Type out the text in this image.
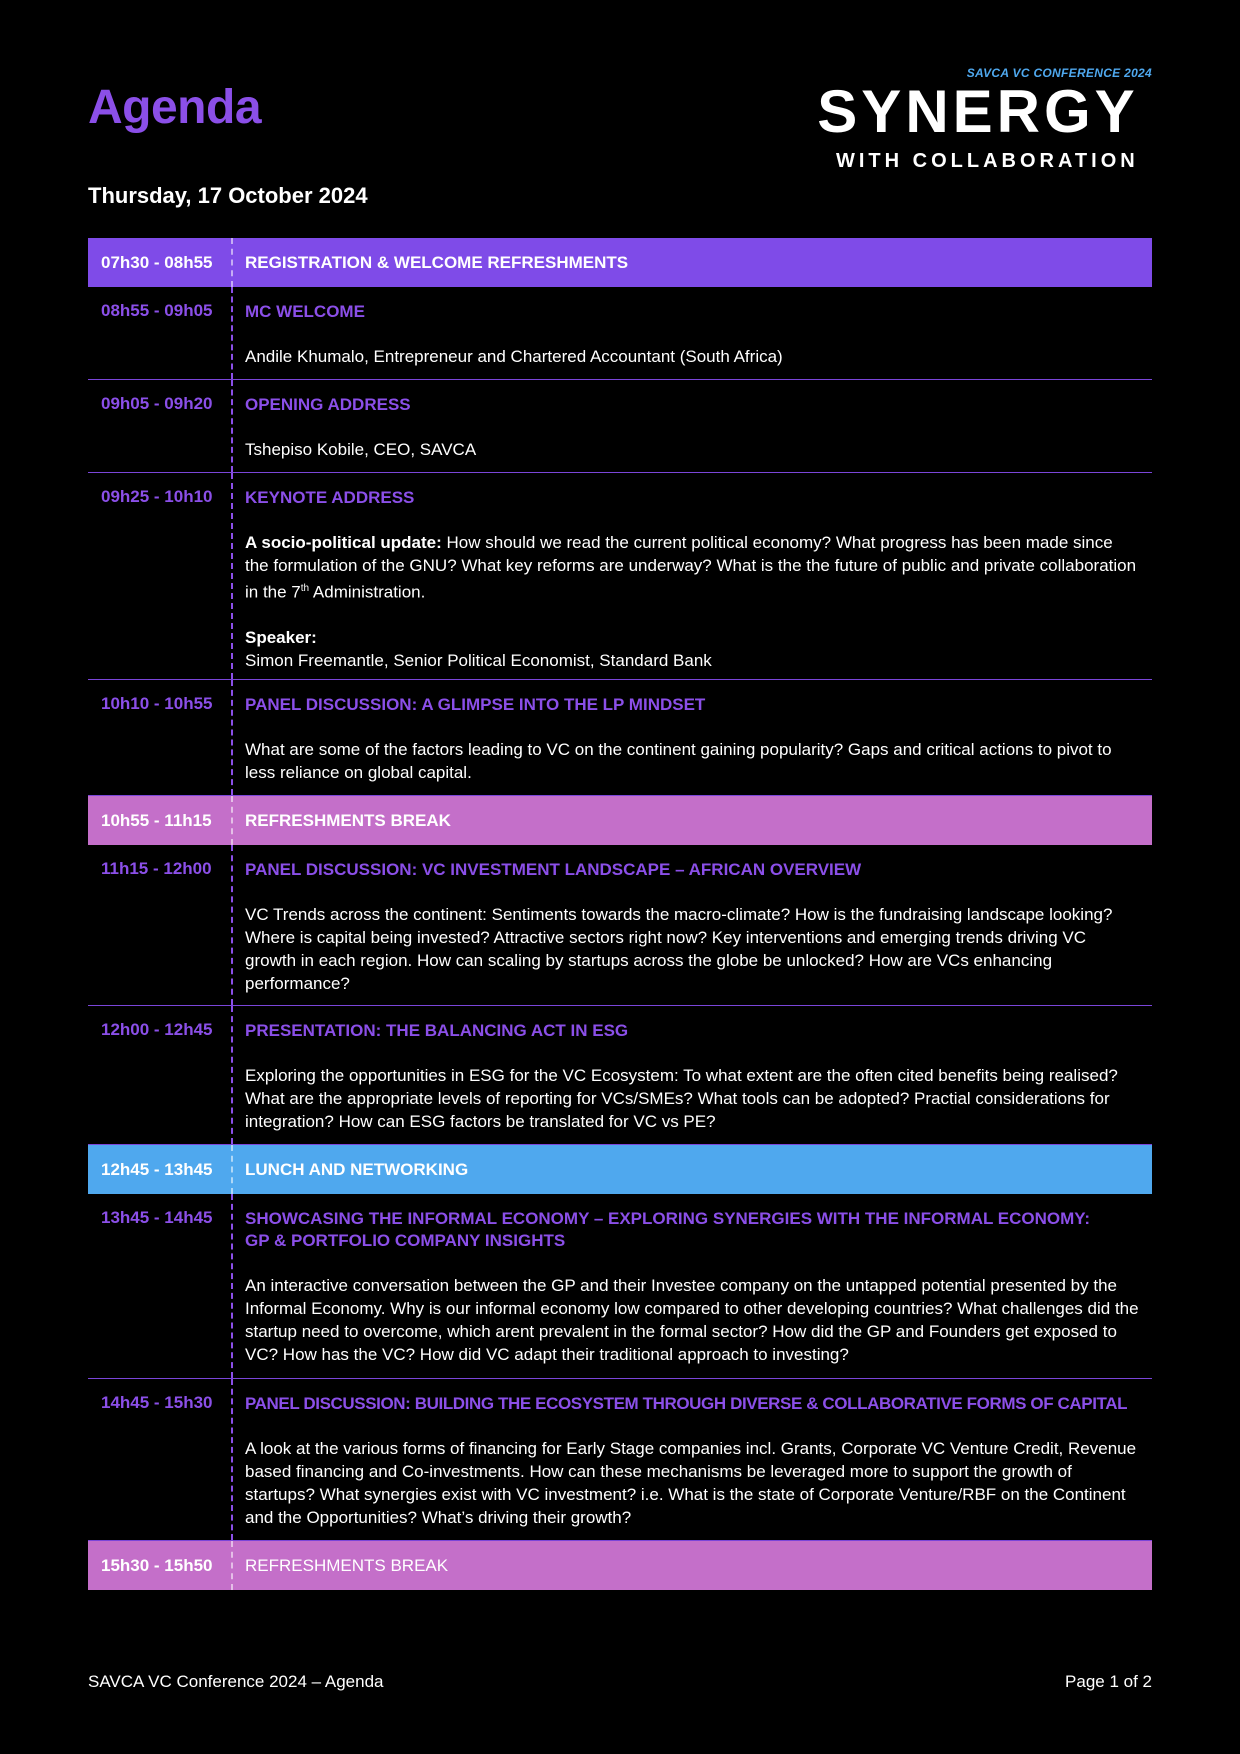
Agenda
Thursday, 17 October 2024
SAVCA VC CONFERENCE 2024
SYNERGY
WITH COLLABORATION
07h30 - 08h55	REGISTRATION & WELCOME REFRESHMENTS
08h55 - 09h05	MC WELCOME
Andile Khumalo, Entrepreneur and Chartered Accountant (South Africa)
09h05 - 09h20	OPENING ADDRESS
Tshepiso Kobile, CEO, SAVCA
09h25 - 10h10	KEYNOTE ADDRESS
A socio-political update: How should we read the current political economy? What progress has been made since the formulation of the GNU? What key reforms are underway? What is the the future of public and private collaboration in the 7th Administration.
Speaker:
Simon Freemantle, Senior Political Economist, Standard Bank
10h10 - 10h55	PANEL DISCUSSION: A GLIMPSE INTO THE LP MINDSET
What are some of the factors leading to VC on the continent gaining popularity? Gaps and critical actions to pivot to less reliance on global capital.
10h55 - 11h15	REFRESHMENTS BREAK
11h15 - 12h00	PANEL DISCUSSION: VC INVESTMENT LANDSCAPE – AFRICAN OVERVIEW
VC Trends across the continent: Sentiments towards the macro-climate? How is the fundraising landscape looking? Where is capital being invested? Attractive sectors right now? Key interventions and emerging trends driving VC growth in each region. How can scaling by startups across the globe be unlocked? How are VCs enhancing performance?
12h00 - 12h45	PRESENTATION: THE BALANCING ACT IN ESG
Exploring the opportunities in ESG for the VC Ecosystem: To what extent are the often cited benefits being realised? What are the appropriate levels of reporting for VCs/SMEs? What tools can be adopted? Practial considerations for integration? How can ESG factors be translated for VC vs PE?
12h45 - 13h45	LUNCH AND NETWORKING
13h45 - 14h45	SHOWCASING THE INFORMAL ECONOMY – EXPLORING SYNERGIES WITH THE INFORMAL ECONOMY:
GP & PORTFOLIO COMPANY INSIGHTS
An interactive conversation between the GP and their Investee company on the untapped potential presented by the Informal Economy. Why is our informal economy low compared to other developing countries? What challenges did the startup need to overcome, which arent prevalent in the formal sector? How did the GP and Founders get exposed to VC? How has the VC? How did VC adapt their traditional approach to investing?
14h45 - 15h30	PANEL DISCUSSION: BUILDING THE ECOSYSTEM THROUGH DIVERSE & COLLABORATIVE FORMS OF CAPITAL
A look at the various forms of financing for Early Stage companies incl. Grants, Corporate VC Venture Credit, Revenue based financing and Co-investments. How can these mechanisms be leveraged more to support the growth of startups? What synergies exist with VC investment? i.e. What is the state of Corporate Venture/RBF on the Continent and the Opportunities? What’s driving their growth?
15h30 - 15h50	REFRESHMENTS BREAK
SAVCA VC Conference 2024 – Agenda	Page 1 of 2
